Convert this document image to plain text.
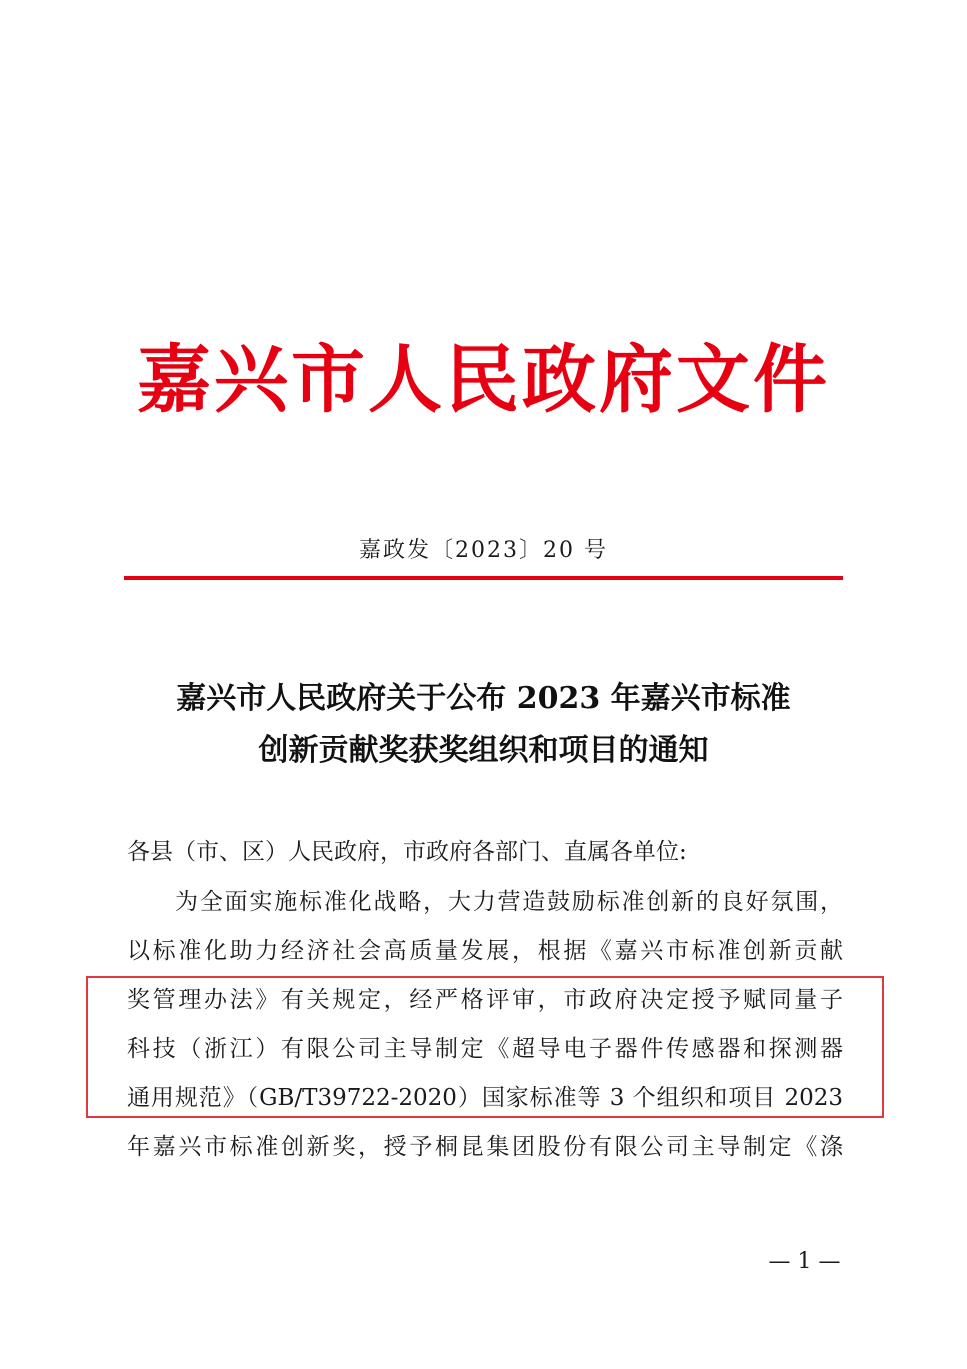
嘉兴市人民政府文件
嘉政发〔2023〕20 号
嘉兴市人民政府关于公布 2023 年嘉兴市标准
创新贡献奖获奖组织和项目的通知
各县（市、区）人民政府，市政府各部门、直属各单位:
为全面实施标准化战略，大力营造鼓励标准创新的良好氛围，
以标准化助力经济社会高质量发展，根据《嘉兴市标准创新贡献
奖管理办法》有关规定，经严格评审，市政府决定授予赋同量子
科技（浙江）有限公司主导制定《超导电子器件传感器和探测器
通用规范》（GB/T39722-2020）国家标准等 3 个组织和项目 2023
年嘉兴市标准创新奖，授予桐昆集团股份有限公司主导制定《涤
— 1 —
